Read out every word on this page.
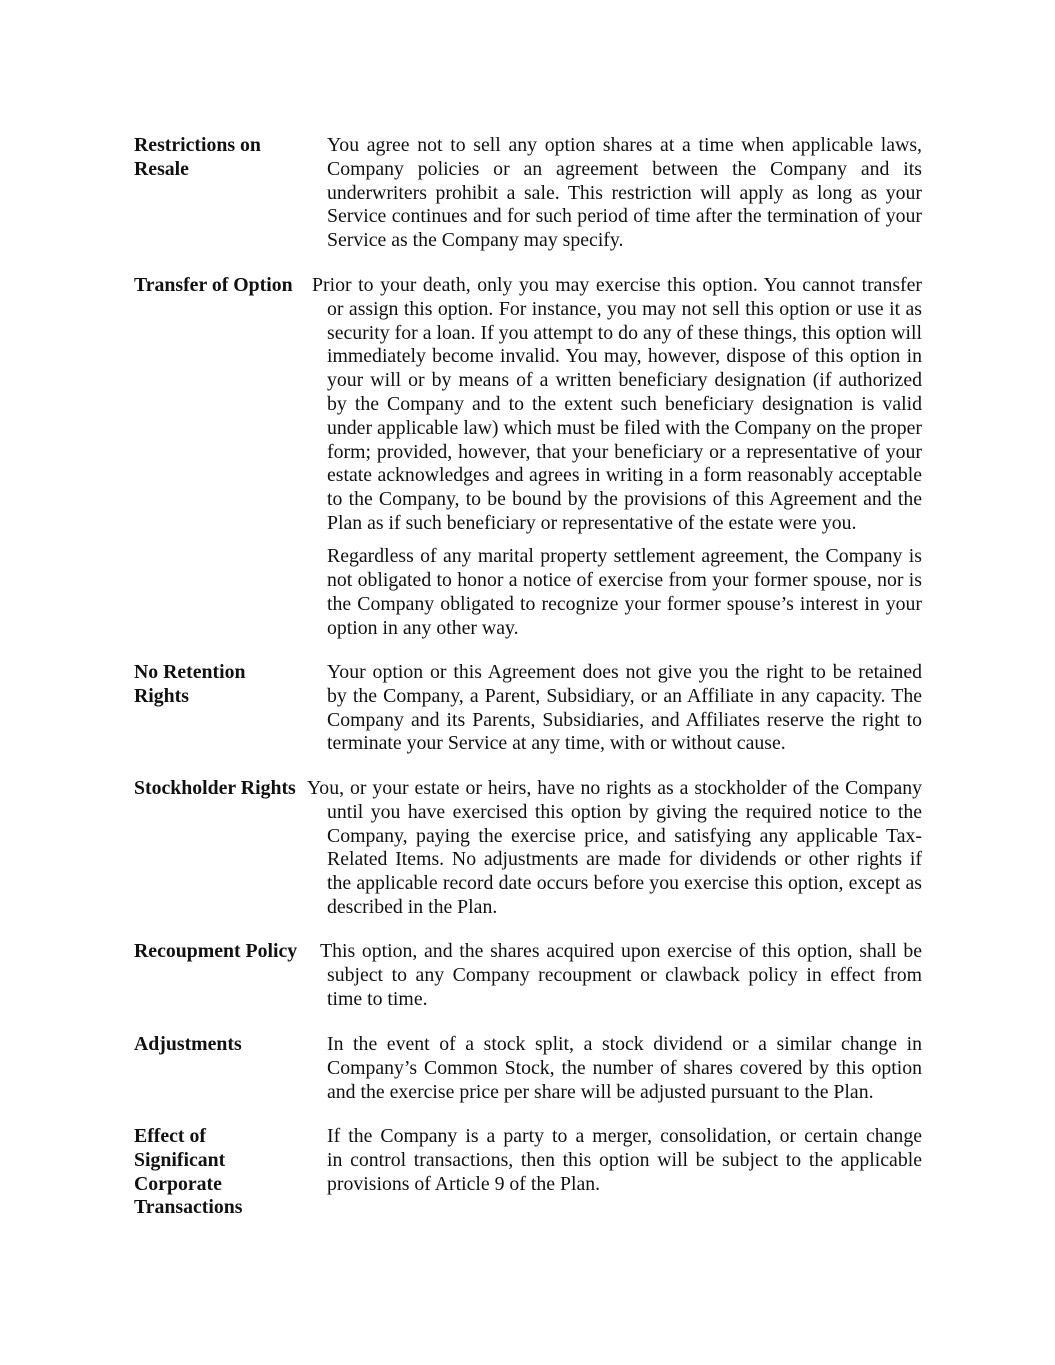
Restrictions on
Resale
You agree not to sell any option shares at a time when applicable laws,
Company policies or an agreement between the Company and its
underwriters prohibit a sale. This restriction will apply as long as your
Service continues and for such period of time after the termination of your
Service as the Company may specify.
Transfer of Option Prior to your death, only you may exercise this option. You cannot transfer
or assign this option. For instance, you may not sell this option or use it as
security for a loan. If you attempt to do any of these things, this option will
immediately become invalid. You may, however, dispose of this option in
your will or by means of a written beneficiary designation (if authorized
by the Company and to the extent such beneficiary designation is valid
under applicable law) which must be filed with the Company on the proper
form; provided, however, that your beneficiary or a representative of your
estate acknowledges and agrees in writing in a form reasonably acceptable
to the Company, to be bound by the provisions of this Agreement and the
Plan as if such beneficiary or representative of the estate were you.
Regardless of any marital property settlement agreement, the Company is
not obligated to honor a notice of exercise from your former spouse, nor is
the Company obligated to recognize your former spouse’s interest in your
option in any other way.
No Retention
Rights
Your option or this Agreement does not give you the right to be retained
by the Company, a Parent, Subsidiary, or an Affiliate in any capacity. The
Company and its Parents, Subsidiaries, and Affiliates reserve the right to
terminate your Service at any time, with or without cause.
Stockholder Rights You, or your estate or heirs, have no rights as a stockholder of the Company
until you have exercised this option by giving the required notice to the
Company, paying the exercise price, and satisfying any applicable Tax-
Related Items. No adjustments are made for dividends or other rights if
the applicable record date occurs before you exercise this option, except as
described in the Plan.
Recoupment Policy	This option, and the shares acquired upon exercise of this option, shall be
subject to any Company recoupment or clawback policy in effect from
time to time.
Adjustments	In the event of a stock split, a stock dividend or a similar change in
Company’s Common Stock, the number of shares covered by this option
and the exercise price per share will be adjusted pursuant to the Plan.
Effect of
Significant
Corporate
Transactions
If the Company is a party to a merger, consolidation, or certain change
in control transactions, then this option will be subject to the applicable
provisions of Article 9 of the Plan.
